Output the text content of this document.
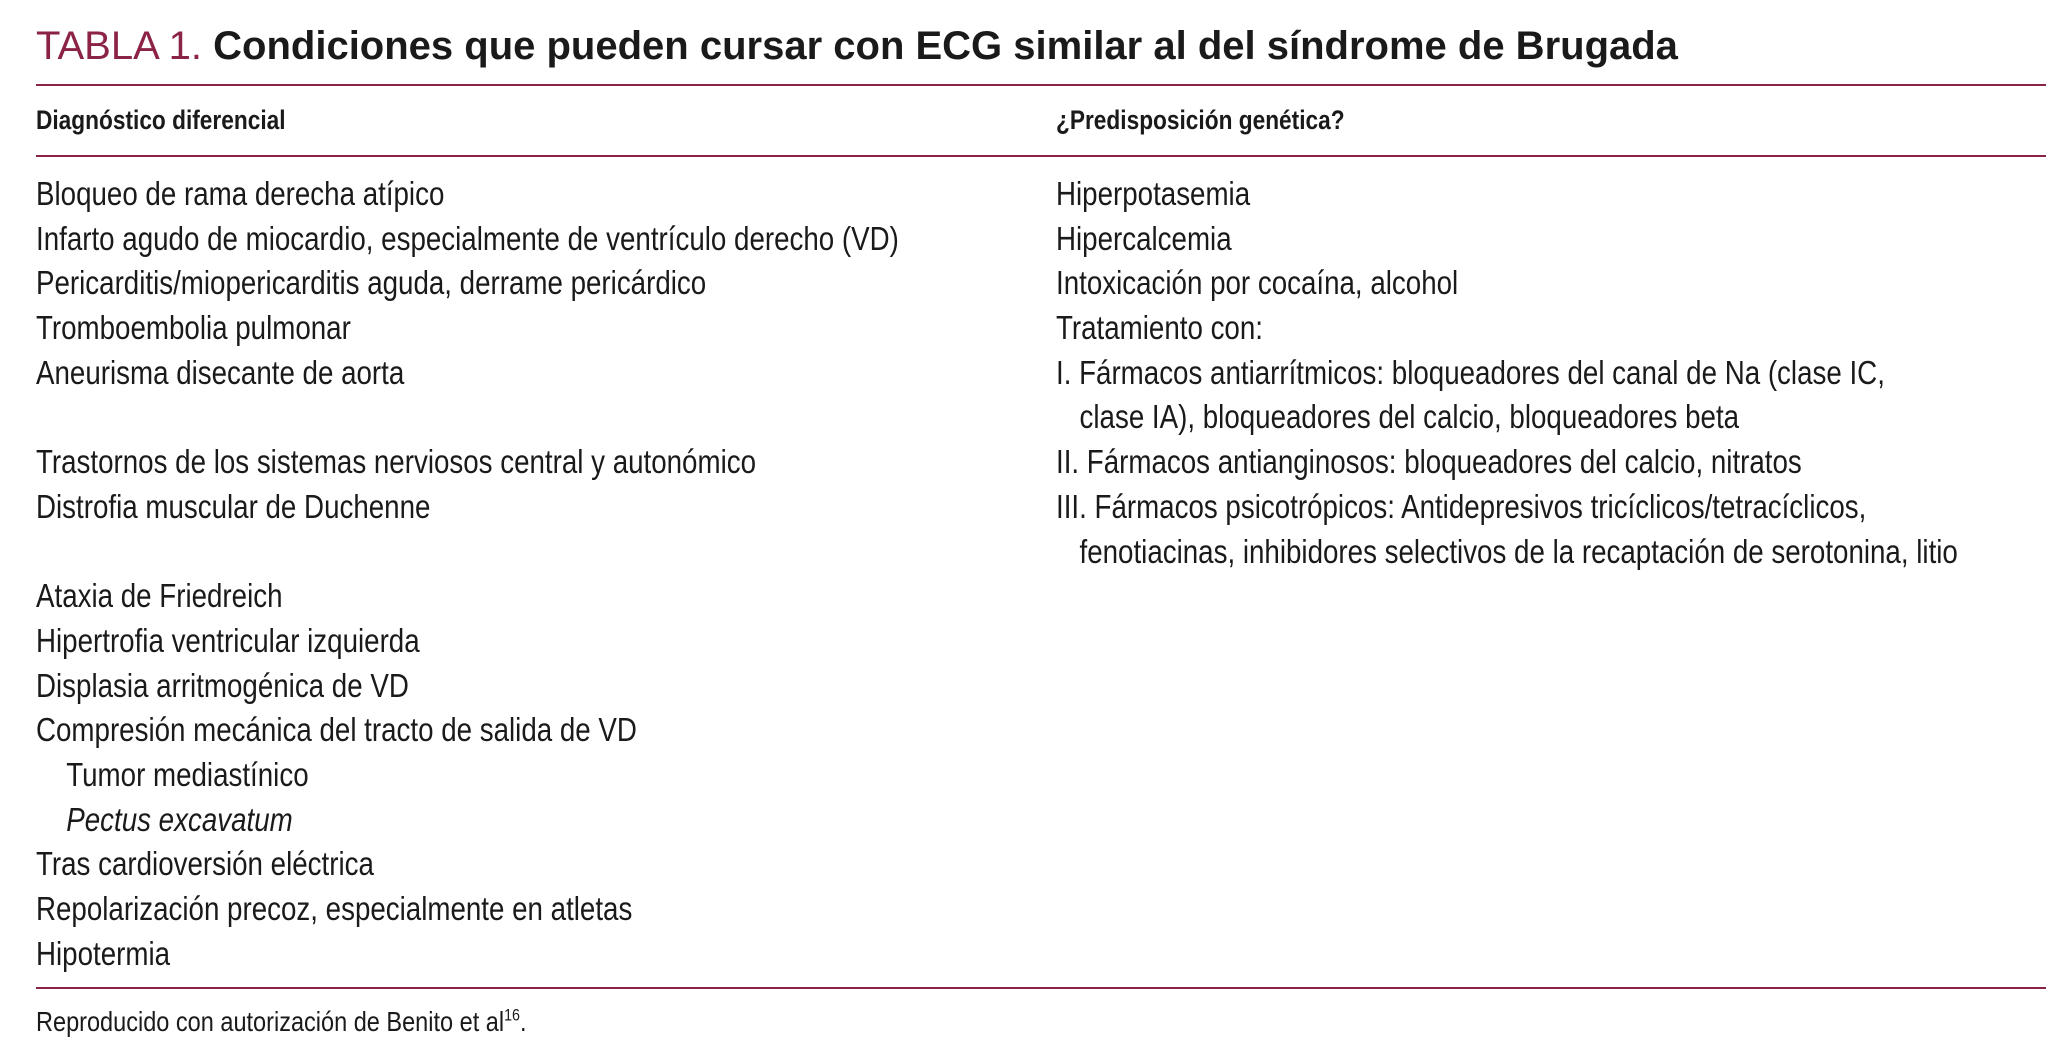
TABLA 1. Condiciones que pueden cursar con ECG similar al del síndrome de Brugada
Diagnóstico diferencial	¿Predisposición genética?
Bloqueo de rama derecha atípico
Infarto agudo de miocardio, especialmente de ventrículo derecho (VD)
Pericarditis/miopericarditis aguda, derrame pericárdico
Tromboembolia pulmonar
Aneurisma disecante de aorta
Trastornos de los sistemas nerviosos central y autonómico
Distrofia muscular de Duchenne
Ataxia de Friedreich
Hipertrofia ventricular izquierda
Displasia arritmogénica de VD
Compresión mecánica del tracto de salida de VD
Tumor mediastínico
Pectus excavatum
Tras cardioversión eléctrica
Repolarización precoz, especialmente en atletas
Hipotermia
Hiperpotasemia
Hipercalcemia
Intoxicación por cocaína, alcohol
Tratamiento con:
I. Fármacos antiarrítmicos: bloqueadores del canal de Na (clase IC,
clase IA), bloqueadores del calcio, bloqueadores beta
II. Fármacos antianginosos: bloqueadores del calcio, nitratos
III. Fármacos psicotrópicos: Antidepresivos tricíclicos/tetracíclicos,
fenotiacinas, inhibidores selectivos de la recaptación de serotonina, litio
Reproducido con autorización de Benito et $al^{16}$.
